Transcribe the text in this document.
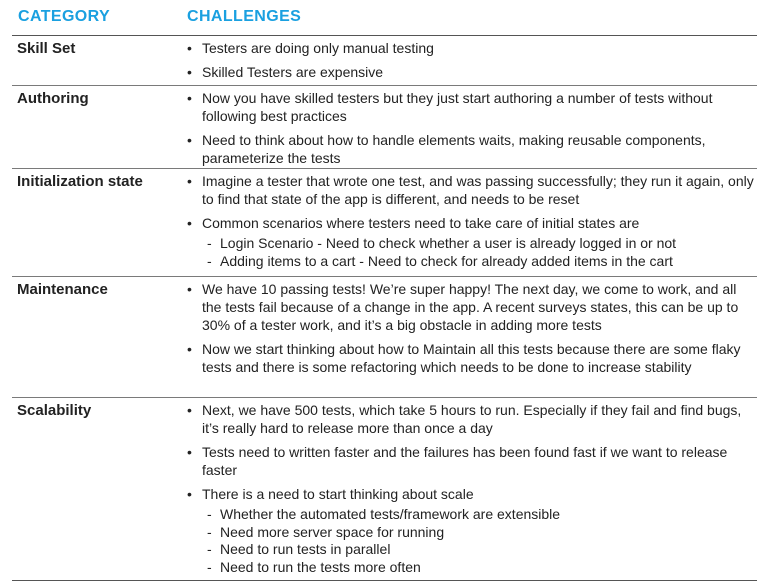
CATEGORY	CHALLENGES
Skill Set	• Testers are doing only manual testing
• Skilled Testers are expensive
Authoring	• Now you have skilled testers but they just start authoring a number of tests without following best practices
• Need to think about how to handle elements waits, making reusable components, parameterize the tests
Initialization state	• Imagine a tester that wrote one test, and was passing successfully; they run it again, only to find that state of the app is different, and needs to be reset
• Common scenarios where testers need to take care of initial states are
- Login Scenario - Need to check whether a user is already logged in or not
- Adding items to a cart - Need to check for already added items in the cart
Maintenance	• We have 10 passing tests! We’re super happy! The next day, we come to work, and all the tests fail because of a change in the app. A recent surveys states, this can be up to 30% of a tester work, and it’s a big obstacle in adding more tests
• Now we start thinking about how to Maintain all this tests because there are some flaky tests and there is some refactoring which needs to be done to increase stability
Scalability	• Next, we have 500 tests, which take 5 hours to run. Especially if they fail and find bugs, it’s really hard to release more than once a day
• Tests need to written faster and the failures has been found fast if we want to release faster
• There is a need to start thinking about scale
- Whether the automated tests/framework are extensible
- Need more server space for running
- Need to run tests in parallel
- Need to run the tests more often
